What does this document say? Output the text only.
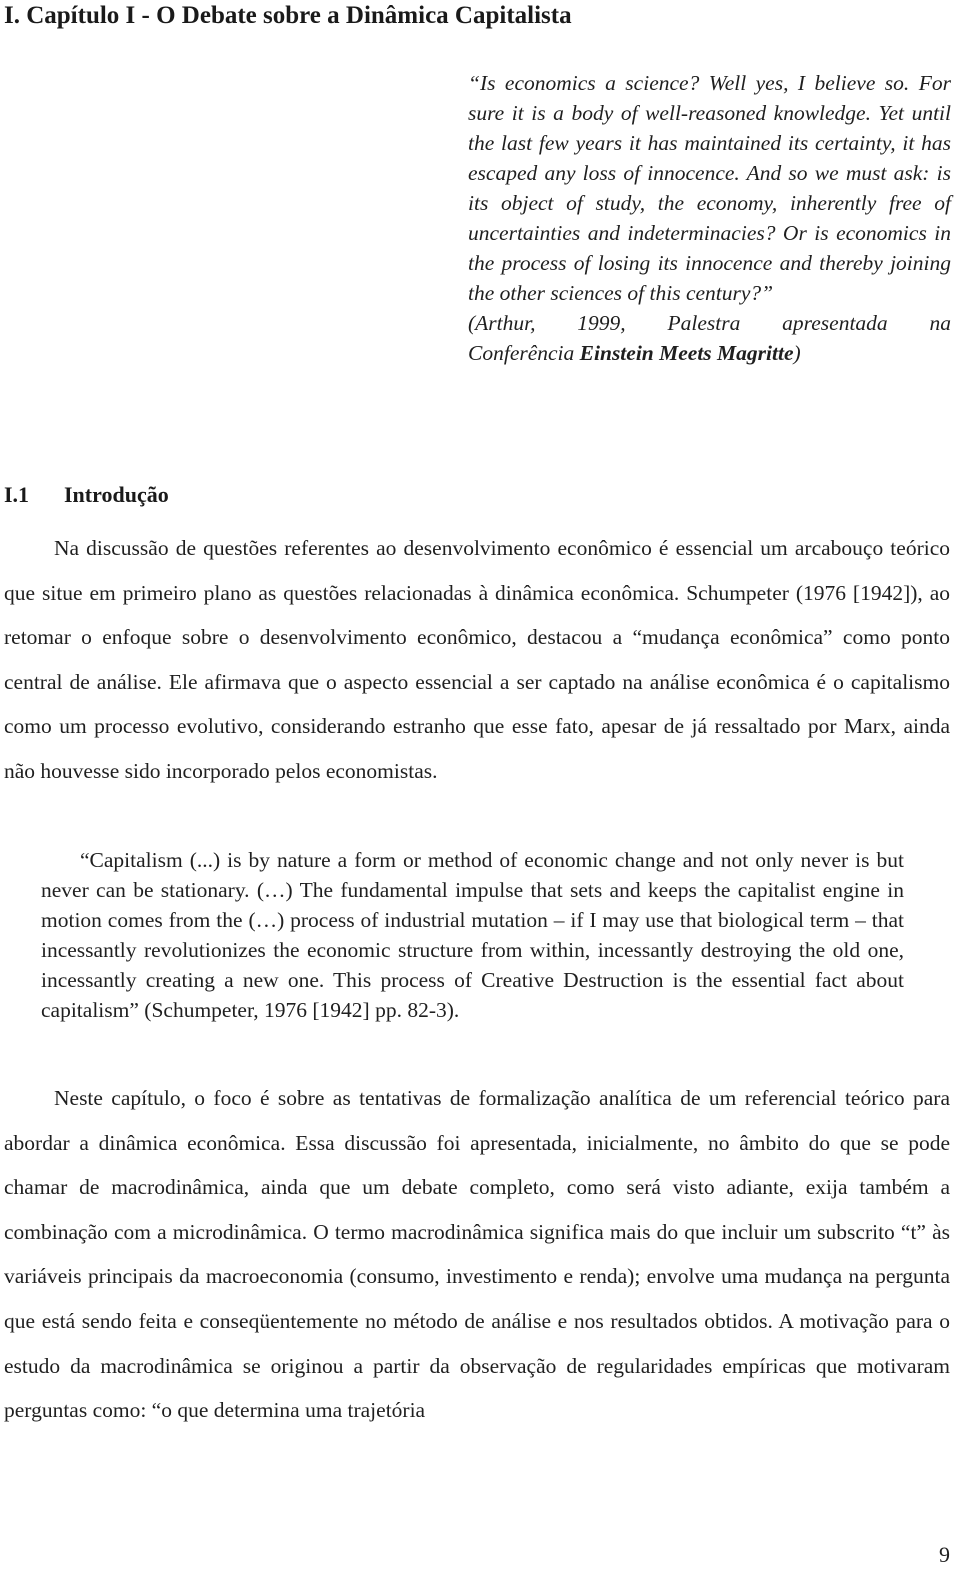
I. Capítulo I - O Debate sobre a Dinâmica Capitalista

“Is economics a science? Well yes, I believe so. For sure it is a body of well-reasoned knowledge. Yet until the last few years it has maintained its certainty, it has escaped any loss of innocence. And so we must ask: is its object of study, the economy, inherently free of uncertainties and indeterminacies? Or is economics in the process of losing its innocence and thereby joining the other sciences of this century?”

(Arthur, 1999, Palestra apresentada na
Conferência Einstein Meets Magritte)

I.1 Introdução

Na discussão de questões referentes ao desenvolvimento econômico é essencial um arcabouço teórico que situe em primeiro plano as questões relacionadas à dinâmica econômica. Schumpeter (1976 [1942]), ao retomar o enfoque sobre o desenvolvimento econômico, destacou a “mudança econômica” como ponto central de análise. Ele afirmava que o aspecto essencial a ser captado na análise econômica é o capitalismo como um processo evolutivo, considerando estranho que esse fato, apesar de já ressaltado por Marx, ainda não houvesse sido incorporado pelos economistas.

“Capitalism (...) is by nature a form or method of economic change and not only never is but never can be stationary. (…) The fundamental impulse that sets and keeps the capitalist engine in motion comes from the (…) process of industrial mutation – if I may use that biological term – that incessantly revolutionizes the economic structure from within, incessantly destroying the old one, incessantly creating a new one. This process of Creative Destruction is the essential fact about capitalism” (Schumpeter, 1976 [1942] pp. 82-3).

Neste capítulo, o foco é sobre as tentativas de formalização analítica de um referencial teórico para abordar a dinâmica econômica. Essa discussão foi apresentada, inicialmente, no âmbito do que se pode chamar de macrodinâmica, ainda que um debate completo, como será visto adiante, exija também a combinação com a microdinâmica. O termo macrodinâmica significa mais do que incluir um subscrito “t” às variáveis principais da macroeconomia (consumo, investimento e renda); envolve uma mudança na pergunta que está sendo feita e conseqüentemente no método de análise e nos resultados obtidos. A motivação para o estudo da macrodinâmica se originou a partir da observação de regularidades empíricas que motivaram perguntas como: “o que determina uma trajetória

9
